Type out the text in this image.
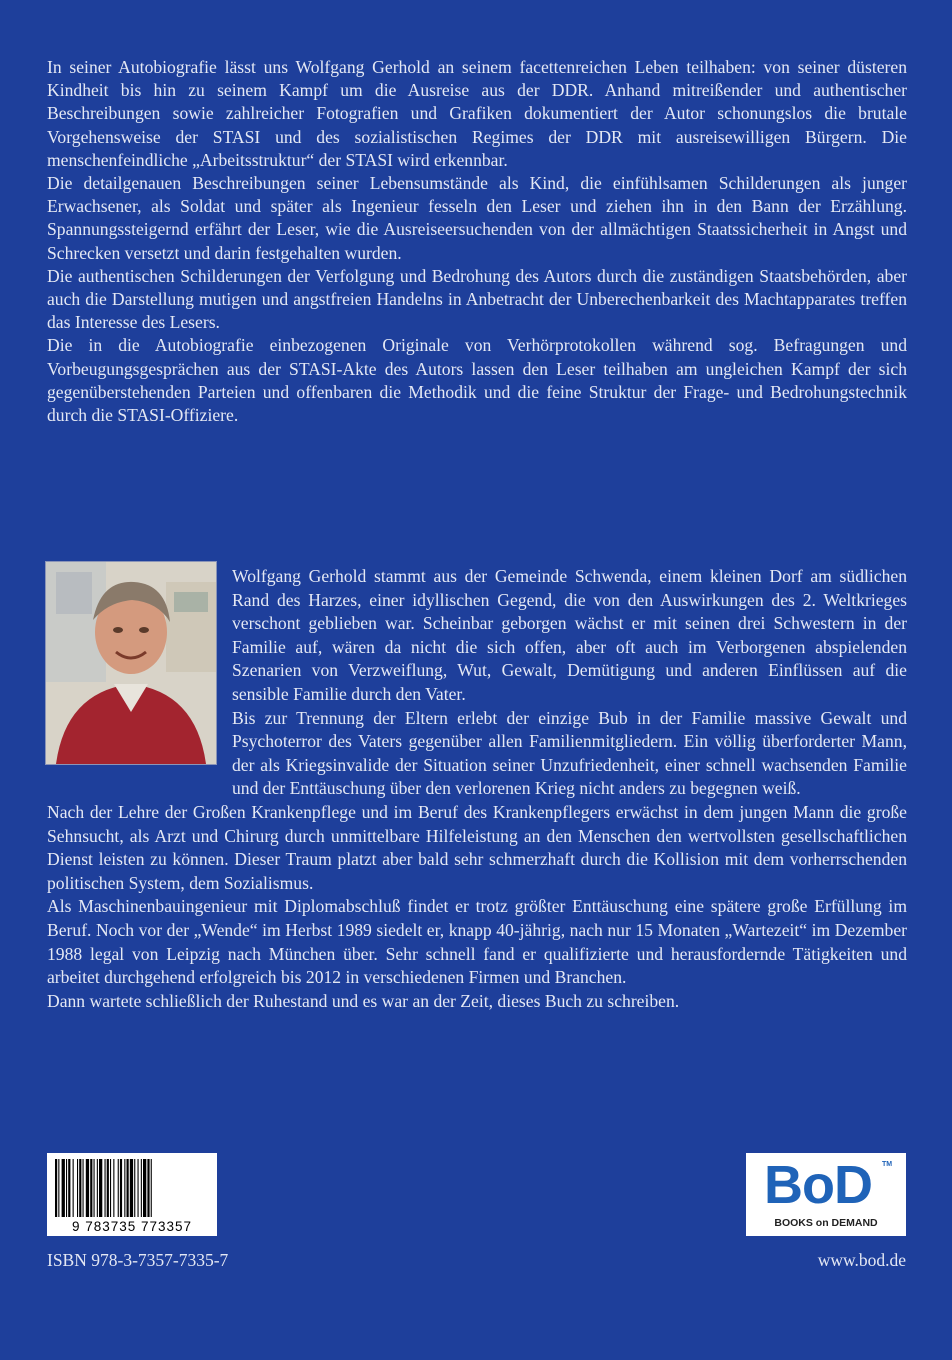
In seiner Autobiografie lässt uns Wolfgang Gerhold an seinem facettenreichen Leben teilhaben: von seiner düsteren Kindheit bis hin zu seinem Kampf um die Ausreise aus der DDR. Anhand mitreißender und authentischer Beschreibungen sowie zahlreicher Fotografien und Grafiken dokumentiert der Autor schonungslos die brutale Vorgehensweise der STASI und des sozialistischen Regimes der DDR mit ausreisewilligen Bürgern. Die menschenfeindliche „Arbeitsstruktur“ der STASI wird erkennbar.

Die detailgenauen Beschreibungen seiner Lebensumstände als Kind, die einfühlsamen Schilderungen als junger Erwachsener, als Soldat und später als Ingenieur fesseln den Leser und ziehen ihn in den Bann der Erzählung. Spannungssteigernd erfährt der Leser, wie die Ausreiseersuchenden von der allmächtigen Staatssicherheit in Angst und Schrecken versetzt und darin festgehalten wurden.

Die authentischen Schilderungen der Verfolgung und Bedrohung des Autors durch die zuständigen Staatsbehörden, aber auch die Darstellung mutigen und angstfreien Handelns in Anbetracht der Unberechenbarkeit des Machtapparates treffen das Interesse des Lesers.

Die in die Autobiografie einbezogenen Originale von Verhörprotokollen während sog. Befragungen und Vorbeugungsgesprächen aus der STASI-Akte des Autors lassen den Leser teilhaben am ungleichen Kampf der sich gegenüberstehenden Parteien und offenbaren die Methodik und die feine Struktur der Frage- und Bedrohungstechnik durch die STASI-Offiziere.

Wolfgang Gerhold stammt aus der Gemeinde Schwenda, einem kleinen Dorf am südlichen Rand des Harzes, einer idyllischen Gegend, die von den Auswirkungen des 2. Weltkrieges verschont geblieben war. Scheinbar geborgen wächst er mit seinen drei Schwestern in der Familie auf, wären da nicht die sich offen, aber oft auch im Verborgenen abspielenden Szenarien von Verzweiflung, Wut, Gewalt, Demütigung und anderen Einflüssen auf die sensible Familie durch den Vater.

Bis zur Trennung der Eltern erlebt der einzige Bub in der Familie massive Gewalt und Psychoterror des Vaters gegenüber allen Familienmitgliedern. Ein völlig überforderter Mann, der als Kriegsinvalide der Situation seiner Unzufriedenheit, einer schnell wachsenden Familie und der Enttäuschung über den verlorenen Krieg nicht anders zu begegnen weiß.

Nach der Lehre der Großen Krankenpflege und im Beruf des Krankenpflegers erwächst in dem jungen Mann die große Sehnsucht, als Arzt und Chirurg durch unmittelbare Hilfeleistung an den Menschen den wertvollsten gesellschaftlichen Dienst leisten zu können. Dieser Traum platzt aber bald sehr schmerzhaft durch die Kollision mit dem vorherrschenden politischen System, dem Sozialismus.

Als Maschinenbauingenieur mit Diplomabschluß findet er trotz größter Enttäuschung eine spätere große Erfüllung im Beruf. Noch vor der „Wende“ im Herbst 1989 siedelt er, knapp 40-jährig, nach nur 15 Monaten „Wartezeit“ im Dezember 1988 legal von Leipzig nach München über. Sehr schnell fand er qualifizierte und herausfordernde Tätigkeiten und arbeitet durchgehend erfolgreich bis 2012 in verschiedenen Firmen und Branchen.

Dann wartete schließlich der Ruhestand und es war an der Zeit, dieses Buch zu schreiben.

9 783735 773357
ISBN 978-3-7357-7335-7
BoD TM
BOOKS on DEMAND
www.bod.de
